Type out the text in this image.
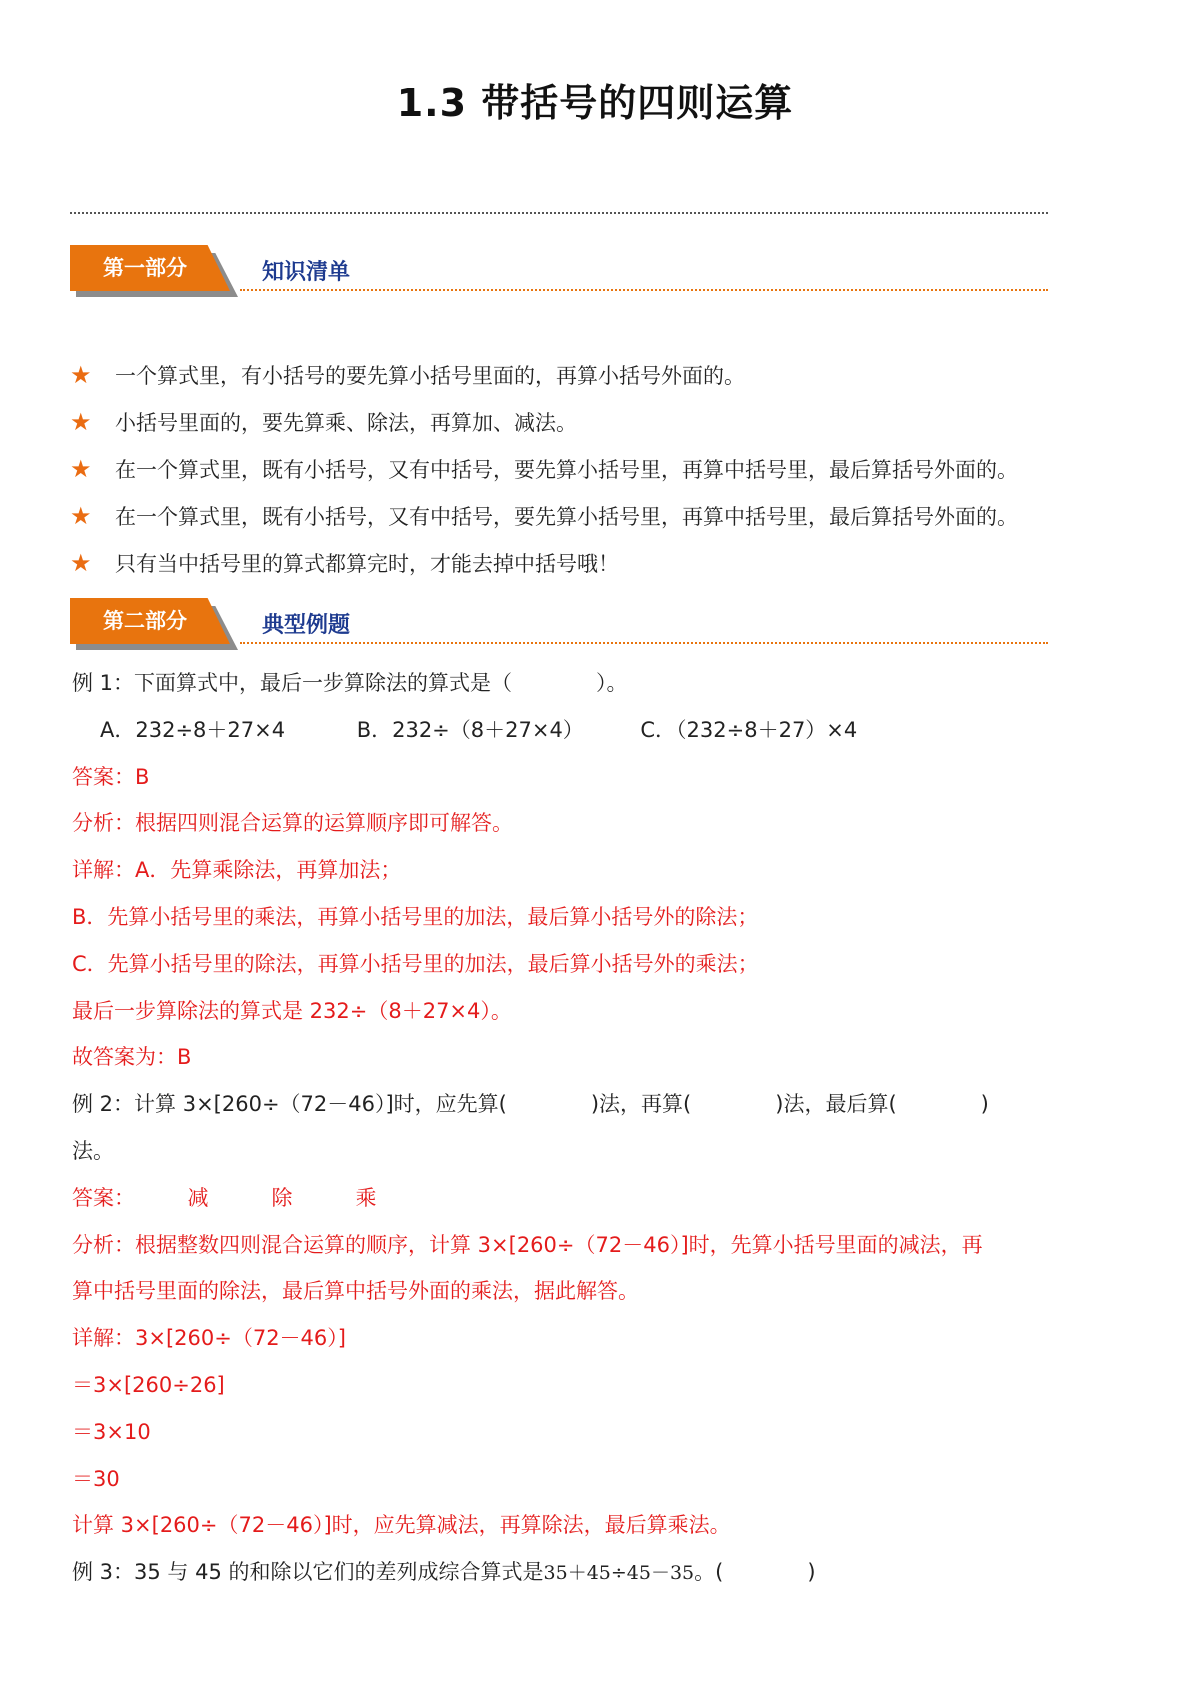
1.3 带括号的四则运算
第一部分	知识清单
★ 一个算式里，有小括号的要先算小括号里面的，再算小括号外面的。
★ 小括号里面的，要先算乘、除法，再算加、减法。
★ 在一个算式里，既有小括号，又有中括号，要先算小括号里，再算中括号里，最后算括号外面的。
★ 在一个算式里，既有小括号，又有中括号，要先算小括号里，再算中括号里，最后算括号外面的。
★ 只有当中括号里的算式都算完时，才能去掉中括号哦！
第二部分	典型例题
例 1：下面算式中，最后一步算除法的算式是（　　　　）。
A．232÷8＋27×4	B．232÷（8＋27×4）	C．（232÷8＋27）×4
答案：B
分析：根据四则混合运算的运算顺序即可解答。
详解：A．先算乘除法，再算加法；
B．先算小括号里的乘法，再算小括号里的加法，最后算小括号外的除法；
C．先算小括号里的除法，再算小括号里的加法，最后算小括号外的乘法；
最后一步算除法的算式是 232÷（8＋27×4）。
故答案为：B
例 2：计算 3×[260÷（72－46）]时，应先算(　　　　)法，再算(　　　　)法，最后算(　　　　)
法。
答案：　　　减　　　除　　　乘
分析：根据整数四则混合运算的顺序，计算 3×[260÷（72－46）]时，先算小括号里面的减法，再
算中括号里面的除法，最后算中括号外面的乘法，据此解答。
详解：3×[260÷（72－46）]
＝3×[260÷26]
＝3×10
＝30
计算 3×[260÷（72－46）]时，应先算减法，再算除法，最后算乘法。
例 3：35 与 45 的和除以它们的差列成综合算式是35＋45÷45－35。(　　　　)
